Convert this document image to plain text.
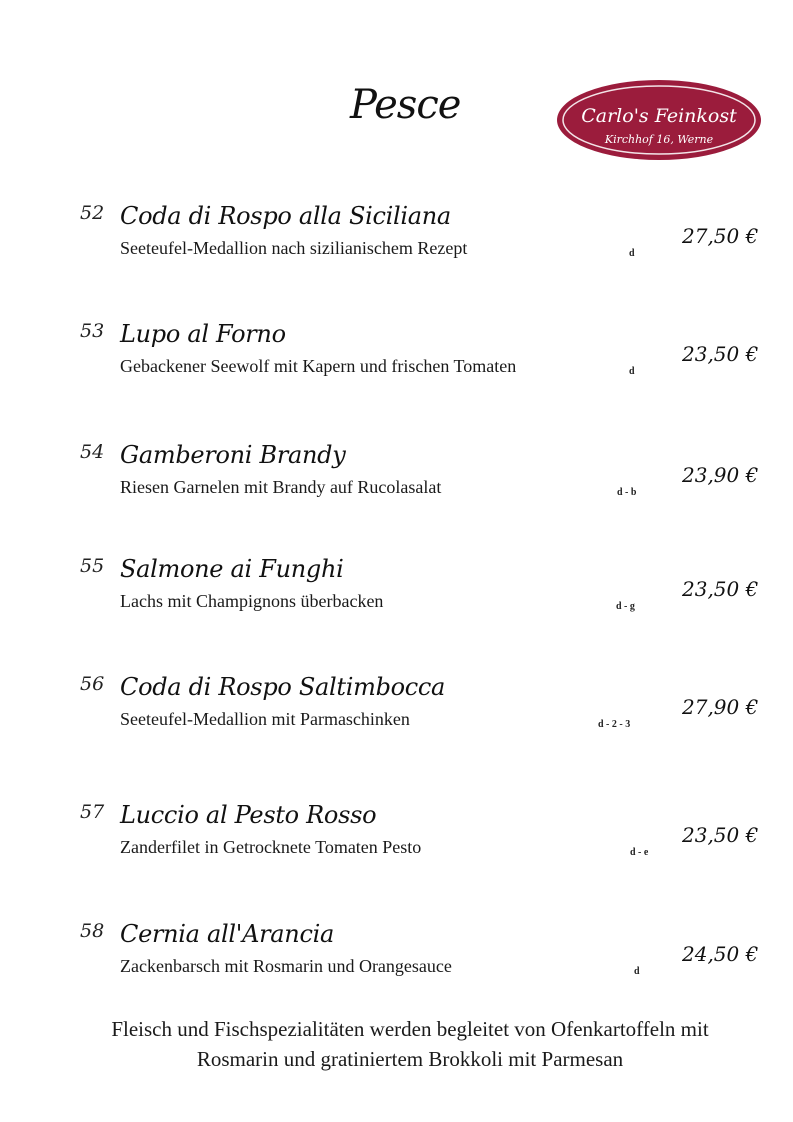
Pesce	Carlo's Feinkost
Kirchhof 16, Werne
52 Coda di Rospo alla Siciliana
Seeteufel-Medallion nach sizilianischem Rezept	d
27,50 €
53 Lupo al Forno
Gebackener Seewolf mit Kapern und frischen Tomaten	d
23,50 €
54 Gamberoni Brandy
Riesen Garnelen mit Brandy auf Rucolasalat	d - b
23,90 €
55 Salmone ai Funghi
Lachs mit Champignons überbacken	d - g
23,50 €
56 Coda di Rospo Saltimbocca
Seeteufel-Medallion mit Parmaschinken	d - 2 - 3
27,90 €
57 Luccio al Pesto Rosso
Zanderfilet in Getrocknete Tomaten Pesto	d - e
23,50 €
58 Cernia all'Arancia
Zackenbarsch mit Rosmarin und Orangesauce	d
24,50 €
Fleisch und Fischspezialitäten werden begleitet von Ofenkartoffeln mit
Rosmarin und gratiniertem Brokkoli mit Parmesan
